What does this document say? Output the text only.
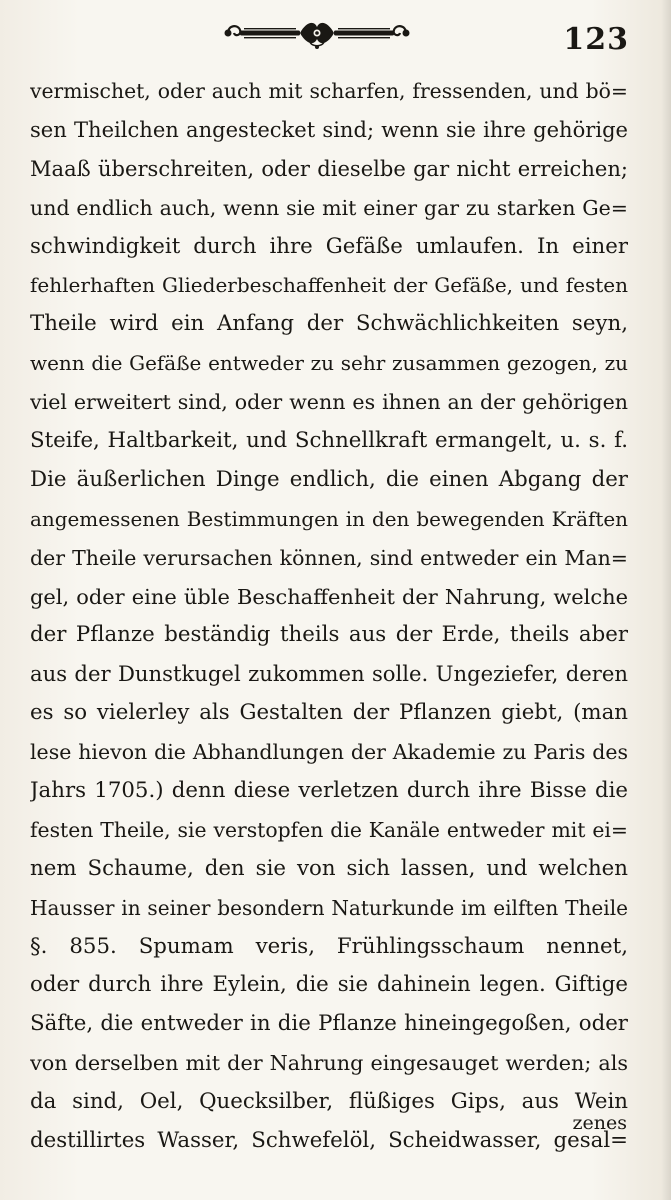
123
vermischet, oder auch mit scharfen, fressenden, und bö=
sen Theilchen angestecket sind; wenn sie ihre gehörige
Maaß überschreiten, oder dieselbe gar nicht erreichen;
und endlich auch, wenn sie mit einer gar zu starken Ge=
schwindigkeit durch ihre Gefäße umlaufen. In einer
fehlerhaften Gliederbeschaffenheit der Gefäße, und festen
Theile wird ein Anfang der Schwächlichkeiten seyn,
wenn die Gefäße entweder zu sehr zusammen gezogen, zu
viel erweitert sind, oder wenn es ihnen an der gehörigen
Steife, Haltbarkeit, und Schnellkraft ermangelt, u. s. f.
Die äußerlichen Dinge endlich, die einen Abgang der
angemessenen Bestimmungen in den bewegenden Kräften
der Theile verursachen können, sind entweder ein Man=
gel, oder eine üble Beschaffenheit der Nahrung, welche
der Pflanze beständig theils aus der Erde, theils aber
aus der Dunstkugel zukommen solle. Ungeziefer, deren
es so vielerley als Gestalten der Pflanzen giebt, (man
lese hievon die Abhandlungen der Akademie zu Paris des
Jahrs 1705.) denn diese verletzen durch ihre Bisse die
festen Theile, sie verstopfen die Kanäle entweder mit ei=
nem Schaume, den sie von sich lassen, und welchen
Hausser in seiner besondern Naturkunde im eilften Theile
§. 855. Spumam veris, Frühlingsschaum nennet,
oder durch ihre Eylein, die sie dahinein legen. Giftige
Säfte, die entweder in die Pflanze hineingegoßen, oder
von derselben mit der Nahrung eingesauget werden; als
da sind, Oel, Quecksilber, flüßiges Gips, aus Wein
destillirtes Wasser, Schwefelöl, Scheidwasser, gesal=
zenes
